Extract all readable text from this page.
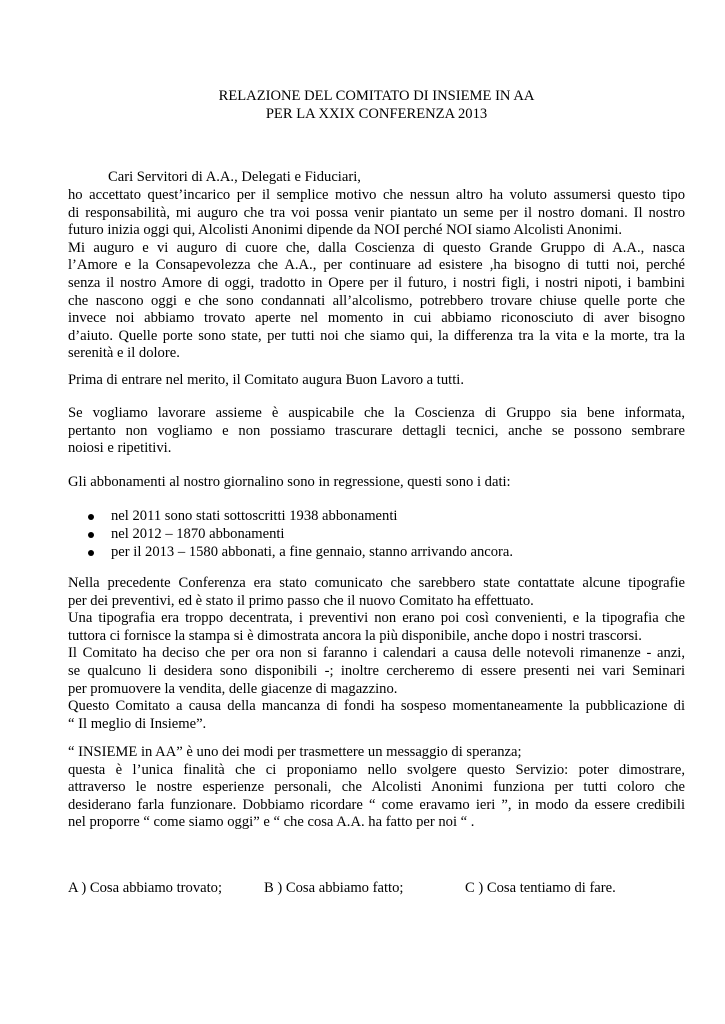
RELAZIONE DEL COMITATO DI INSIEME IN AA
PER LA XXIX CONFERENZA 2013
Cari Servitori di A.A., Delegati e Fiduciari,
ho accettato quest’incarico per il semplice motivo che nessun altro ha voluto assumersi questo tipo
di responsabilità, mi auguro che tra voi possa venir piantato un seme per il nostro domani. Il nostro
futuro inizia oggi qui, Alcolisti Anonimi dipende da NOI perché NOI siamo Alcolisti Anonimi.
Mi auguro e vi auguro di cuore che, dalla Coscienza di questo Grande Gruppo di A.A., nasca
l’Amore e la Consapevolezza che A.A., per continuare ad esistere ,ha bisogno di tutti noi, perché
senza il nostro Amore di oggi, tradotto in Opere per il futuro, i nostri figli, i nostri nipoti, i bambini
che nascono oggi e che sono condannati all’alcolismo, potrebbero trovare chiuse quelle porte che
invece noi abbiamo trovato aperte nel momento in cui abbiamo riconosciuto di aver bisogno
d’aiuto. Quelle porte sono state, per tutti noi che siamo qui, la differenza tra la vita e la morte, tra la
serenità e il dolore.
Prima di entrare nel merito, il Comitato augura Buon Lavoro a tutti.
Se vogliamo lavorare assieme è auspicabile che la Coscienza di Gruppo sia bene informata,
pertanto non vogliamo e non possiamo trascurare dettagli tecnici, anche se possono sembrare
noiosi e ripetitivi.
Gli abbonamenti al nostro giornalino sono in regressione, questi sono i dati:
nel 2011 sono stati sottoscritti 1938 abbonamenti
nel 2012 – 1870 abbonamenti
per il 2013 – 1580 abbonati, a fine gennaio, stanno arrivando ancora.
Nella precedente Conferenza era stato comunicato che sarebbero state contattate alcune tipografie
per dei preventivi, ed è stato il primo passo che il nuovo Comitato ha effettuato.
Una tipografia era troppo decentrata, i preventivi non erano poi così convenienti, e la tipografia che
tuttora ci fornisce la stampa si è dimostrata ancora la più disponibile, anche dopo i nostri trascorsi.
Il Comitato ha deciso che per ora non si faranno i calendari a causa delle notevoli rimanenze - anzi,
se qualcuno li desidera sono disponibili -; inoltre cercheremo di essere presenti nei vari Seminari
per promuovere la vendita, delle giacenze di magazzino.
Questo Comitato a causa della mancanza di fondi ha sospeso momentaneamente la pubblicazione di
“ Il meglio di Insieme”.
“ INSIEME in AA” è uno dei modi per trasmettere un messaggio di speranza;
questa è l’unica finalità che ci proponiamo nello svolgere questo Servizio: poter dimostrare,
attraverso le nostre esperienze personali, che Alcolisti Anonimi funziona per tutti coloro che
desiderano farla funzionare. Dobbiamo ricordare “ come eravamo ieri ”, in modo da essere credibili
nel proporre “ come siamo oggi” e “ che cosa A.A. ha fatto per noi “ .
A ) Cosa abbiamo trovato;	B ) Cosa abbiamo fatto;	C ) Cosa tentiamo di fare.
